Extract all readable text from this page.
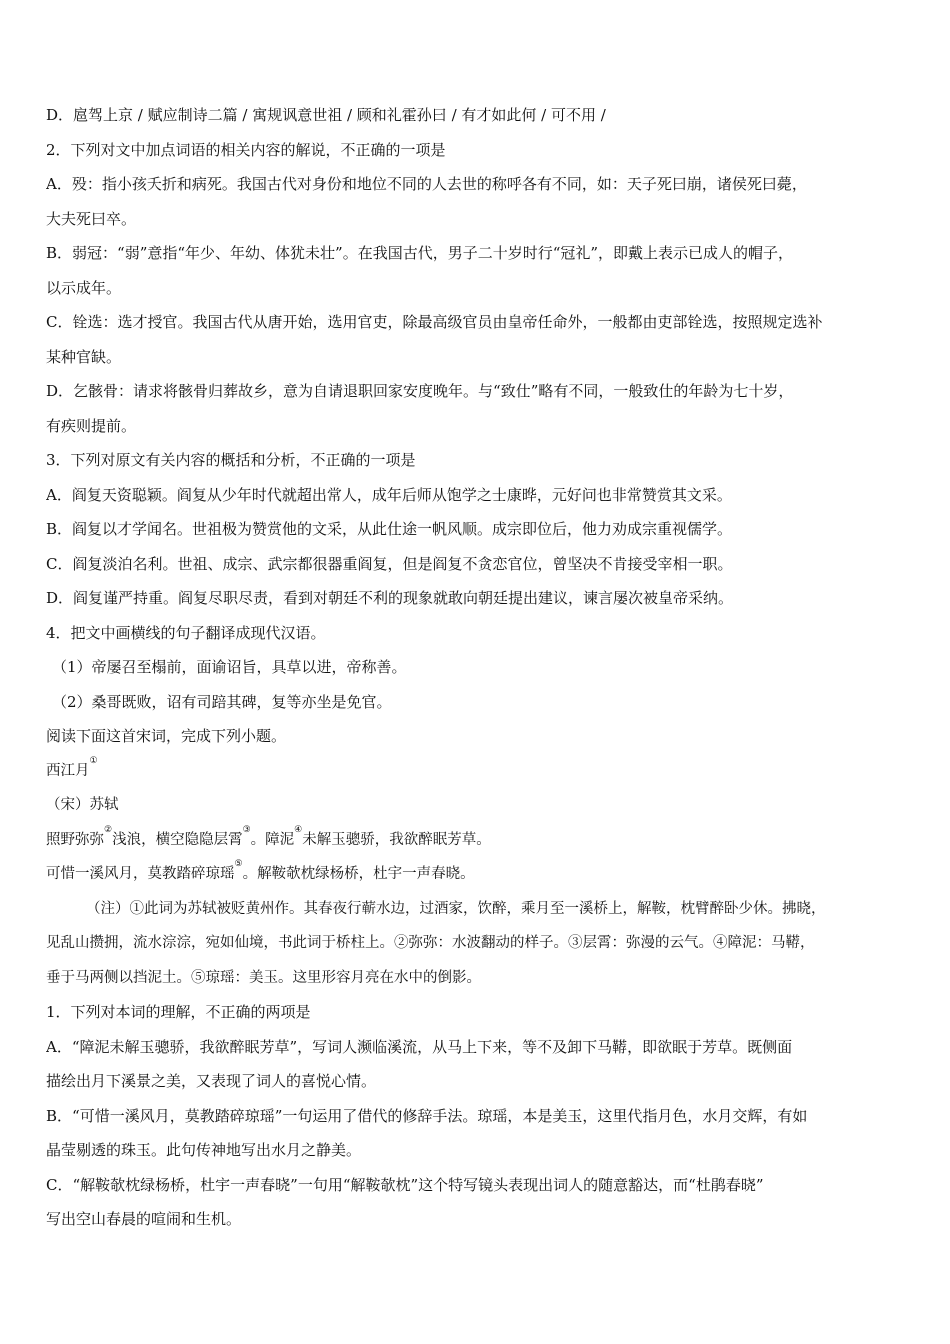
D．扈驾上京 / 赋应制诗二篇 / 寓规讽意世祖 / 顾和礼霍孙曰 / 有才如此何 / 可不用 /
2．下列对文中加点词语的相关内容的解说，不正确的一项是
A．殁：指小孩夭折和病死。我国古代对身份和地位不同的人去世的称呼各有不同，如：天子死曰崩，诸侯死曰薨，
大夫死曰卒。
B．弱冠：“弱”意指“年少、年幼、体犹未壮”。在我国古代，男子二十岁时行“冠礼”，即戴上表示已成人的帽子，
以示成年。
C．铨选：选才授官。我国古代从唐开始，选用官吏，除最高级官员由皇帝任命外，一般都由吏部铨选，按照规定选补
某种官缺。
D．乞骸骨：请求将骸骨归葬故乡，意为自请退职回家安度晚年。与“致仕”略有不同，一般致仕的年龄为七十岁，
有疾则提前。
3．下列对原文有关内容的概括和分析，不正确的一项是
A．阎复天资聪颖。阎复从少年时代就超出常人，成年后师从饱学之士康晔，元好问也非常赞赏其文采。
B．阎复以才学闻名。世祖极为赞赏他的文采，从此仕途一帆风顺。成宗即位后，他力劝成宗重视儒学。
C．阎复淡泊名利。世祖、成宗、武宗都很器重阎复，但是阎复不贪恋官位，曾坚决不肯接受宰相一职。
D．阎复谨严持重。阎复尽职尽责，看到对朝廷不利的现象就敢向朝廷提出建议，谏言屡次被皇帝采纳。
4．把文中画横线的句子翻译成现代汉语。
（1）帝屡召至榻前，面谕诏旨，具草以进，帝称善。
（2）桑哥既败，诏有司踣其碑，复等亦坐是免官。
阅读下面这首宋词，完成下列小题。
西江月①
（宋）苏轼
照野弥弥②浅浪，横空隐隐层霄③。障泥④未解玉骢骄，我欲醉眠芳草。
可惜一溪风月，莫教踏碎琼瑶⑤。解鞍欹枕绿杨桥，杜宇一声春晓。
（注）①此词为苏轼被贬黄州作。其春夜行蕲水边，过酒家，饮醉，乘月至一溪桥上，解鞍，枕臂醉卧少休。拂晓，
见乱山攒拥，流水淙淙，宛如仙境，书此词于桥柱上。②弥弥：水波翻动的样子。③层霄：弥漫的云气。④障泥：马鞯，
垂于马两侧以挡泥土。⑤琼瑶：美玉。这里形容月亮在水中的倒影。
1．下列对本词的理解，不正确的两项是
A．“障泥未解玉骢骄，我欲醉眠芳草”，写词人濒临溪流，从马上下来，等不及卸下马鞯，即欲眠于芳草。既侧面
描绘出月下溪景之美，又表现了词人的喜悦心情。
B．“可惜一溪风月，莫教踏碎琼瑶”一句运用了借代的修辞手法。琼瑶，本是美玉，这里代指月色，水月交辉，有如
晶莹剔透的珠玉。此句传神地写出水月之静美。
C．“解鞍欹枕绿杨桥，杜宇一声春晓”一句用“解鞍欹枕”这个特写镜头表现出词人的随意豁达，而“杜鹃春晓”
写出空山春晨的喧闹和生机。
